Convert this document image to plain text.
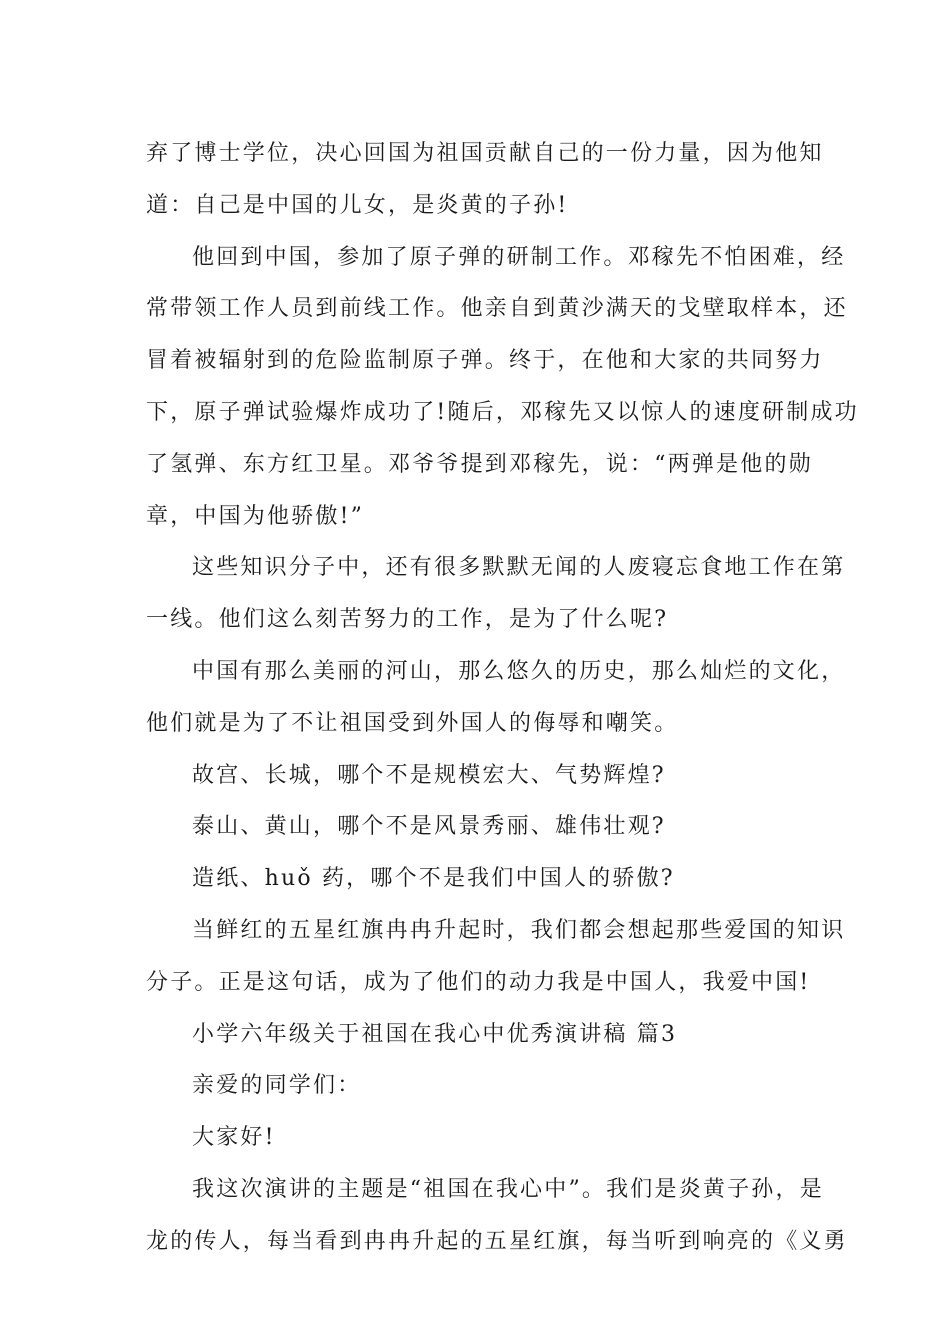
弃了博士学位，决心回国为祖国贡献自己的一份力量，因为他知
道：自己是中国的儿女，是炎黄的子孙!

他回到中国，参加了原子弹的研制工作。邓稼先不怕困难，经
常带领工作人员到前线工作。他亲自到黄沙满天的戈壁取样本，还
冒着被辐射到的危险监制原子弹。终于，在他和大家的共同努力
下，原子弹试验爆炸成功了!随后，邓稼先又以惊人的速度研制成功
了氢弹、东方红卫星。邓爷爷提到邓稼先，说：“两弹是他的勋
章，中国为他骄傲!”

这些知识分子中，还有很多默默无闻的人废寝忘食地工作在第
一线。他们这么刻苦努力的工作，是为了什么呢?

中国有那么美丽的河山，那么悠久的历史，那么灿烂的文化，
他们就是为了不让祖国受到外国人的侮辱和嘲笑。

故宫、长城，哪个不是规模宏大、气势辉煌?

泰山、黄山，哪个不是风景秀丽、雄伟壮观?

造纸、huǒ 药，哪个不是我们中国人的骄傲?

当鲜红的五星红旗冉冉升起时，我们都会想起那些爱国的知识
分子。正是这句话，成为了他们的动力我是中国人，我爱中国!

小学六年级关于祖国在我心中优秀演讲稿 篇3

亲爱的同学们：

大家好!

我这次演讲的主题是“祖国在我心中”。我们是炎黄子孙，是
龙的传人，每当看到冉冉升起的五星红旗，每当听到响亮的《义勇
